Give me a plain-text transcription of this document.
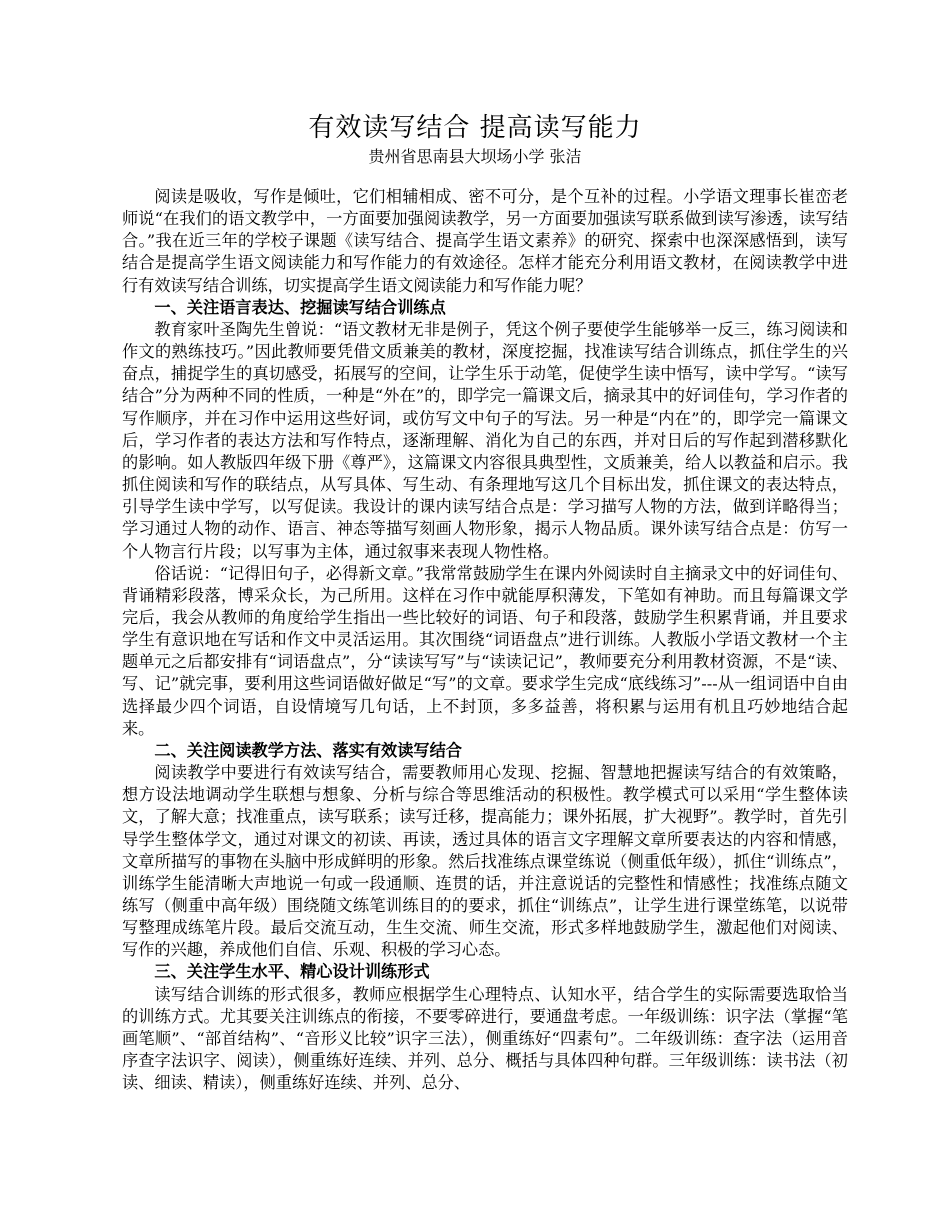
有效读写结合 提高读写能力
贵州省思南县大坝场小学 张洁

阅读是吸收，写作是倾吐，它们相辅相成、密不可分，是个互补的过程。小学语文理事长崔峦老师说“在我们的语文教学中，一方面要加强阅读教学，另一方面要加强读写联系做到读写渗透，读写结合。”我在近三年的学校子课题《读写结合、提高学生语文素养》的研究、探索中也深深感悟到，读写结合是提高学生语文阅读能力和写作能力的有效途径。怎样才能充分利用语文教材，在阅读教学中进行有效读写结合训练，切实提高学生语文阅读能力和写作能力呢？

一、关注语言表达、挖掘读写结合训练点

教育家叶圣陶先生曾说：“语文教材无非是例子，凭这个例子要使学生能够举一反三，练习阅读和作文的熟练技巧。”因此教师要凭借文质兼美的教材，深度挖掘，找准读写结合训练点，抓住学生的兴奋点，捕捉学生的真切感受，拓展写的空间，让学生乐于动笔，促使学生读中悟写，读中学写。“读写结合”分为两种不同的性质，一种是“外在”的，即学完一篇课文后，摘录其中的好词佳句，学习作者的写作顺序，并在习作中运用这些好词，或仿写文中句子的写法。另一种是“内在”的，即学完一篇课文后，学习作者的表达方法和写作特点，逐渐理解、消化为自己的东西，并对日后的写作起到潜移默化的影响。如人教版四年级下册《尊严》，这篇课文内容很具典型性，文质兼美，给人以教益和启示。我抓住阅读和写作的联结点，从写具体、写生动、有条理地写这几个目标出发，抓住课文的表达特点，引导学生读中学写，以写促读。我设计的课内读写结合点是：学习描写人物的方法，做到详略得当；学习通过人物的动作、语言、神态等描写刻画人物形象，揭示人物品质。课外读写结合点是：仿写一个人物言行片段；以写事为主体，通过叙事来表现人物性格。

俗话说：“记得旧句子，必得新文章。”我常常鼓励学生在课内外阅读时自主摘录文中的好词佳句、背诵精彩段落，博采众长，为己所用。这样在习作中就能厚积薄发，下笔如有神助。而且每篇课文学完后，我会从教师的角度给学生指出一些比较好的词语、句子和段落，鼓励学生积累背诵，并且要求学生有意识地在写话和作文中灵活运用。其次围绕“词语盘点”进行训练。人教版小学语文教材一个主题单元之后都安排有“词语盘点”，分“读读写写”与“读读记记”，教师要充分利用教材资源，不是“读、写、记”就完事，要利用这些词语做好做足“写”的文章。要求学生完成“底线练习”---从一组词语中自由选择最少四个词语，自设情境写几句话，上不封顶，多多益善，将积累与运用有机且巧妙地结合起来。

二、关注阅读教学方法、落实有效读写结合

阅读教学中要进行有效读写结合，需要教师用心发现、挖掘、智慧地把握读写结合的有效策略，想方设法地调动学生联想与想象、分析与综合等思维活动的积极性。教学模式可以采用“学生整体读文，了解大意；找准重点，读写联系；读写迁移，提高能力；课外拓展，扩大视野”。教学时，首先引导学生整体学文，通过对课文的初读、再读，透过具体的语言文字理解文章所要表达的内容和情感，文章所描写的事物在头脑中形成鲜明的形象。然后找准练点课堂练说（侧重低年级），抓住“训练点”，训练学生能清晰大声地说一句或一段通顺、连贯的话，并注意说话的完整性和情感性；找准练点随文练写（侧重中高年级）围绕随文练笔训练目的的要求，抓住“训练点”，让学生进行课堂练笔，以说带写整理成练笔片段。最后交流互动，生生交流、师生交流，形式多样地鼓励学生，激起他们对阅读、写作的兴趣，养成他们自信、乐观、积极的学习心态。

三、关注学生水平、精心设计训练形式

读写结合训练的形式很多，教师应根据学生心理特点、认知水平，结合学生的实际需要选取恰当的训练方式。尤其要关注训练点的衔接，不要零碎进行，要通盘考虑。一年级训练：识字法（掌握“笔画笔顺”、“部首结构”、“音形义比较”识字三法），侧重练好“四素句”。二年级训练：查字法（运用音序查字法识字、阅读），侧重练好连续、并列、总分、概括与具体四种句群。三年级训练：读书法（初读、细读、精读），侧重练好连续、并列、总分、
